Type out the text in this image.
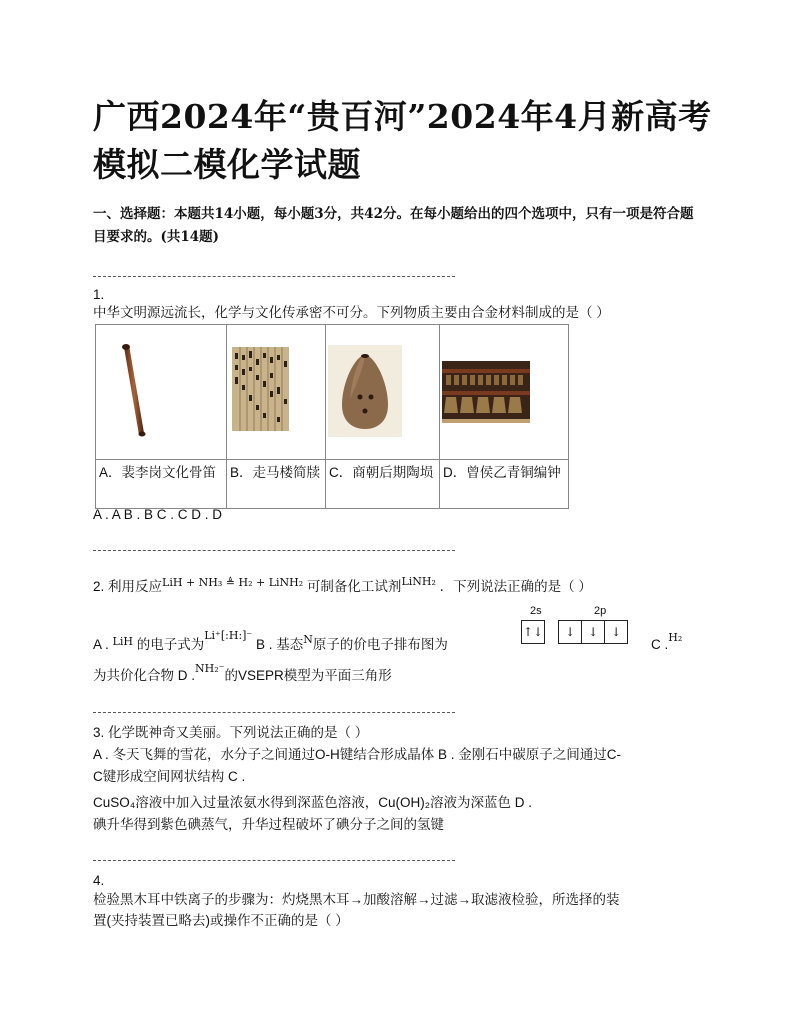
广西2024年“贵百河”2024年4月新高考模拟二模化学试题
一、选择题：本题共14小题，每小题3分，共42分。在每小题给出的四个选项中，只有一项是符合题目要求的。(共14题)
1.
中华文明源远流长，化学与文化传承密不可分。下列物质主要由合金材料制成的是（ ）

A．裴李岗文化骨笛	B．走马楼简牍	C．商朝后期陶埙	D．曾侯乙青铜编钟
A . A B . B C . C D . D
2. 利用反应$^{LiH + NH_3 ≜ H_2 + LiNH_2}$ 可制备化工试剂$^{LiNH_2}$ ．下列说法正确的是（ ）
2s	2p
A . $^{LiH}$ 的电子式为$^{Li^+[:H:]^-}$ B . 基态$^N$原子的价电子排布图为
↑↓ ↓ ↓ ↓
C .$^{H_2}$
为共价化合物 D .$^{NH_2^-}$的VSEPR模型为平面三角形
3. 化学既神奇又美丽。下列说法正确的是（ ）
A . 冬天飞舞的雪花，水分子之间通过O-H键结合形成晶体 B . 金刚石中碳原子之间通过C-
C键形成空间网状结构 C .
CuSO₄溶液中加入过量浓氨水得到深蓝色溶液，Cu(OH)₂溶液为深蓝色 D .
碘升华得到紫色碘蒸气，升华过程破坏了碘分子之间的氢键
4.
检验黑木耳中铁离子的步骤为：灼烧黑木耳→加酸溶解→过滤→取滤液检验，所选择的装
置(夹持装置已略去)或操作不正确的是（ ）
